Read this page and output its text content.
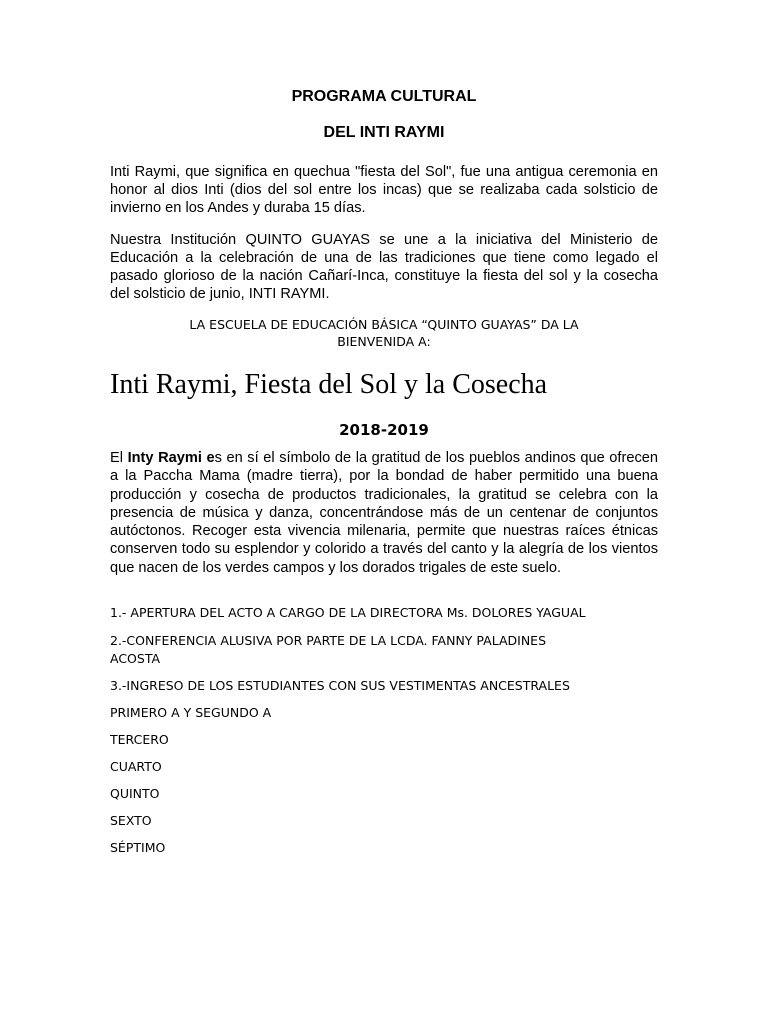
PROGRAMA CULTURAL
DEL INTI RAYMI

Inti Raymi, que significa en quechua "fiesta del Sol", fue una antigua ceremonia en honor al dios Inti (dios del sol entre los incas) que se realizaba cada solsticio de invierno en los Andes y duraba 15 días.

Nuestra Institución QUINTO GUAYAS se une a la iniciativa del Ministerio de Educación a la celebración de una de las tradiciones que tiene como legado el pasado glorioso de la nación Cañarí-Inca, constituye la fiesta del sol y la cosecha del solsticio de junio, INTI RAYMI.

LA ESCUELA DE EDUCACIÓN BÁSICA “QUINTO GUAYAS” DA LA
BIENVENIDA A:
Inti Raymi, Fiesta del Sol y la Cosecha
2018-2019

El Inty Raymi es en sí el símbolo de la gratitud de los pueblos andinos que ofrecen a la Paccha Mama (madre tierra), por la bondad de haber permitido una buena producción y cosecha de productos tradicionales, la gratitud se celebra con la presencia de música y danza, concentrándose más de un centenar de conjuntos autóctonos. Recoger esta vivencia milenaria, permite que nuestras raíces étnicas conserven todo su esplendor y colorido a través del canto y la alegría de los vientos que nacen de los verdes campos y los dorados trigales de este suelo.

1.- APERTURA DEL ACTO A CARGO DE LA DIRECTORA Ms. DOLORES YAGUAL
2.-CONFERENCIA ALUSIVA POR PARTE DE LA LCDA. FANNY PALADINES
ACOSTA
3.-INGRESO DE LOS ESTUDIANTES CON SUS VESTIMENTAS ANCESTRALES
PRIMERO A Y SEGUNDO A
TERCERO
CUARTO
QUINTO
SEXTO
SÉPTIMO
